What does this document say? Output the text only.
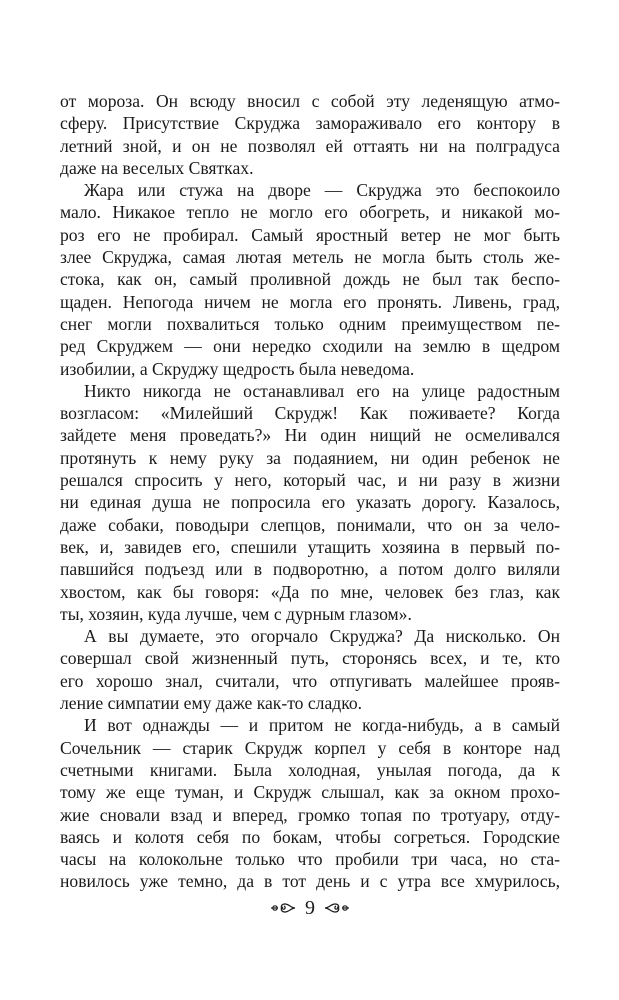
от мороза. Он всюду вносил с собой эту леденящую атмо-
сферу. Присутствие Скруджа замораживало его контору в
летний зной, и он не позволял ей оттаять ни на полградуса
даже на веселых Святках.
Жара или стужа на дворе — Скруджа это беспокоило
мало. Никакое тепло не могло его обогреть, и никакой мо-
роз его не пробирал. Самый яростный ветер не мог быть
злее Скруджа, самая лютая метель не могла быть столь же-
стока, как он, самый проливной дождь не был так беспо-
щаден. Непогода ничем не могла его пронять. Ливень, град,
снег могли похвалиться только одним преимуществом пе-
ред Скруджем — они нередко сходили на землю в щедром
изобилии, а Скруджу щедрость была неведома.
Никто никогда не останавливал его на улице радостным
возгласом: «Милейший Скрудж! Как поживаете? Когда
зайдете меня проведать?» Ни один нищий не осмеливался
протянуть к нему руку за подаянием, ни один ребенок не
решался спросить у него, который час, и ни разу в жизни
ни единая душа не попросила его указать дорогу. Казалось,
даже собаки, поводыри слепцов, понимали, что он за чело-
век, и, завидев его, спешили утащить хозяина в первый по-
павшийся подъезд или в подворотню, а потом долго виляли
хвостом, как бы говоря: «Да по мне, человек без глаз, как
ты, хозяин, куда лучше, чем с дурным глазом».
А вы думаете, это огорчало Скруджа? Да нисколько. Он
совершал свой жизненный путь, сторонясь всех, и те, кто
его хорошо знал, считали, что отпугивать малейшее прояв-
ление симпатии ему даже как-то сладко.
И вот однажды — и притом не когда-нибудь, а в самый
Сочельник — старик Скрудж корпел у себя в конторе над
счетными книгами. Была холодная, унылая погода, да к
тому же еще туман, и Скрудж слышал, как за окном прохо-
жие сновали взад и вперед, громко топая по тротуару, отду-
ваясь и колотя себя по бокам, чтобы согреться. Городские
часы на колокольне только что пробили три часа, но ста-
новилось уже темно, да в тот день и с утра все хмурилось,
9
